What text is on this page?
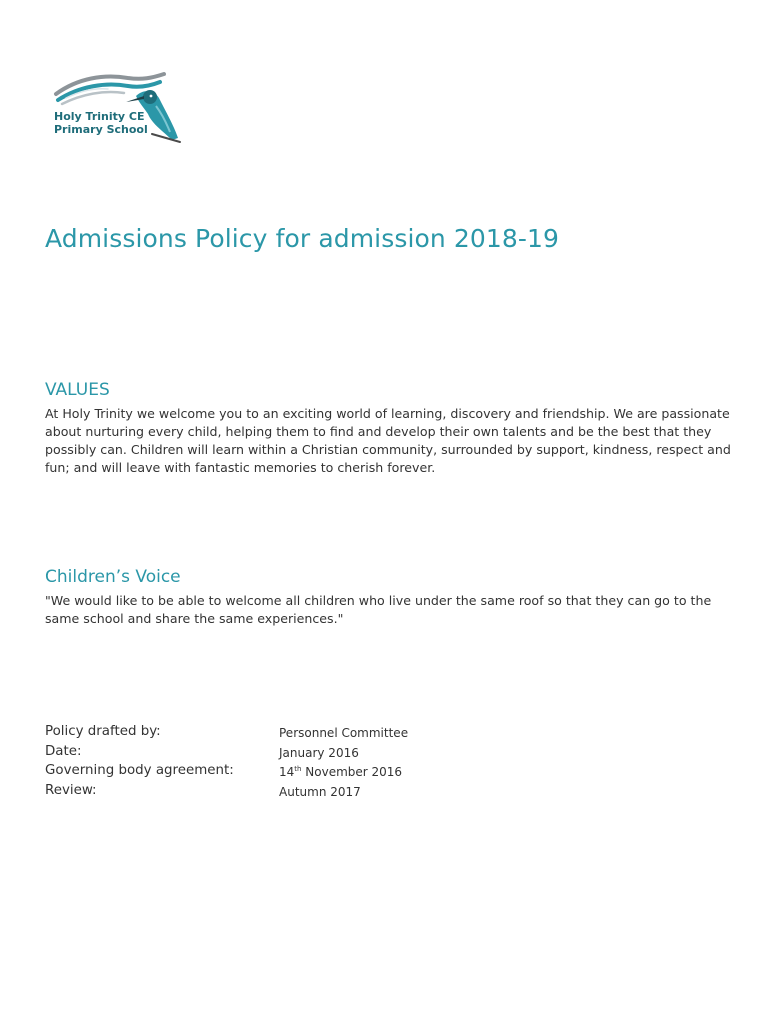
Holy Trinity CE
Primary School
Admissions Policy for admission 2018-19
VALUES

At Holy Trinity we welcome you to an exciting world of learning, discovery and friendship. We are passionate about nurturing every child, helping them to find and develop their own talents and be the best that they possibly can. Children will learn within a Christian community, surrounded by support, kindness, respect and fun; and will leave with fantastic memories to cherish forever.

Children’s Voice

"We would like to be able to welcome all children who live under the same roof so that they can go to the same school and share the same experiences."

Policy drafted by:	Personnel Committee
Date:	January 2016
Governing body agreement:	14th November 2016
Review:	Autumn 2017
